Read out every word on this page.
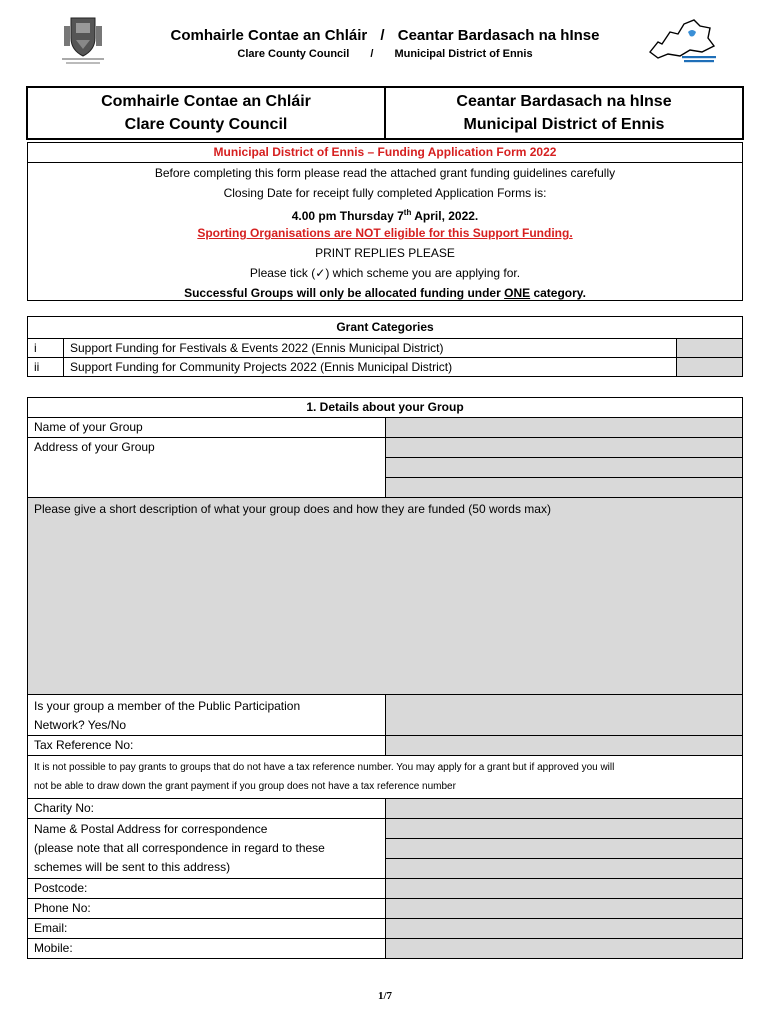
Comhairle Contae an Chláir / Ceantar Bardasach na hInse
Clare County Council / Municipal District of Ennis
Comhairle Contae an Chláir
Clare County Council
Ceantar Bardasach na hInse
Municipal District of Ennis
Municipal District of Ennis – Funding Application Form 2022
Before completing this form please read the attached grant funding guidelines carefully
Closing Date for receipt fully completed Application Forms is:
4.00 pm Thursday 7th April, 2022.
Sporting Organisations are NOT eligible for this Support Funding.
PRINT REPLIES PLEASE
Please tick (✓) which scheme you are applying for.
Successful Groups will only be allocated funding under ONE category.
Grant Categories		
i	Support Funding for Festivals & Events 2022 (Ennis Municipal District)	
ii	Support Funding for Community Projects 2022 (Ennis Municipal District)	
1. Details about your Group	
Name of your Group	
Address of your Group	

Please give a short description of what your group does and how they are funded (50 words max)	

Is your group a member of the Public Participation
Network? Yes/No	

Tax Reference No:	

It is not possible to pay grants to groups that do not have a tax reference number. You may apply for a grant but if approved you will
not be able to draw down the grant payment if you group does not have a tax reference number	

Charity No:	

Name & Postal Address for correspondence
(please note that all correspondence in regard to these
schemes will be sent to this address)	

Postcode:	
Phone No:	
Email:	
Mobile:	
1/7
